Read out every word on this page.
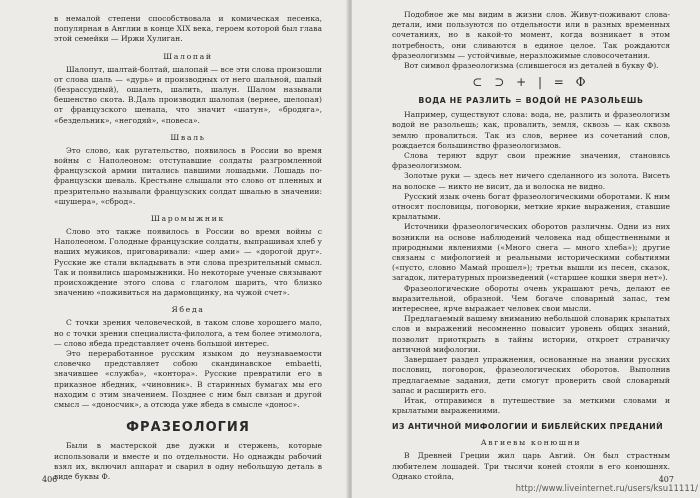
в немалой степени способствовала и комическая песенка, популярная в Англии в конце XIX века, героем которой был глава этой семейки — Иржи Хулиган.

Шалопай

Шалопут, шалтай-болтай, шалопай — все эти слова произошли от слова шаль — «дурь» и производных от него шальной, шалый (безрассудный), ошалеть, шалить, шалун. Шалом называли бешенство скота. В.Даль производил шалопая (вернее, шелопая) от французского шенапа, что значит «шатун», «бродяга», «бездельник», «негодяй», «повеса».

Шваль

Это слово, как ругательство, появилось в России во время войны с Наполеоном: отступавшие солдаты разгромленной французской армии питались павшими лошадьми. Лошадь по-французски шеваль. Крестьяне слышали это слово от пленных и презрительно называли французских солдат швалью в значении: «шушера», «сброд».

Шаромыжник

Слово это также появилось в России во время войны с Наполеоном. Голодные французские солдаты, выпрашивая хлеб у наших мужиков, приговаривали: «шер ами» — «дорогой друг». Русские же стали вкладывать в эти слова презрительный смысл. Так и появились шаромыжники. Но некоторые ученые связывают происхождение этого слова с глаголом шарить, что близко значению «поживиться на дармовщинку, на чужой счет».

Ябеда

С точки зрения человеческой, в таком слове хорошего мало, но с точки зрения специалиста-филолога, а тем более этимолога, — слово ябеда представляет очень большой интерес.

Это переработанное русским языком до неузнаваемости словечко представляет собою скандинавское embaetti, значившее «служба», «контора». Русские превратили его в приказное ябедник, «чиновник». В старинных бумагах мы его находим с этим значением. Позднее с ним был связан и другой смысл — «доносчик», а отсюда уже ябеда в смысле «донос».

ФРАЗЕОЛОГИЯ

Были в мастерской две дужки и стержень, которые использовали и вместе и по отдельности. Но однажды рабочий взял их, включил аппарат и сварил в одну небольшую деталь в виде буквы Ф.

406

Подобное же мы видим в жизни слов. Живут-поживают слова-детали, ими пользуются по отдельности или в разных временных сочетаниях, но в какой-то момент, когда возникает в этом потребность, они сливаются в единое целое. Так рождаются фразеологизмы — устойчивые, неразложимые словосочетания.

Вот символ фразеологизма (слившегося из деталей в букву Ф).

⊂ ⊃ + | = Ф
ВОДА НЕ РАЗЛИТЬ = ВОДОЙ НЕ РАЗОЛЬЕШЬ

Например, существуют слова: вода, не, разлить и фразеологизм водой не разольешь; как, провалить, земля, сквозь — как сквозь землю провалиться. Так из слов, вернее из сочетаний слов, рождается большинство фразеологизмов.

Слова теряют вдруг свои прежние значения, становясь фразеологизмом.

Золотые руки — здесь нет ничего сделанного из золота. Висеть на волоске — никто не висит, да и волоска не видно.

Русский язык очень богат фразеологическими оборотами. К ним относят пословицы, поговорки, меткие яркие выражения, ставшие крылатыми.

Источники фразеологических оборотов различны. Одни из них возникли на основе наблюдений человека над общественными и природными явлениями («Много снега — много хлеба»); другие связаны с мифологией и реальными историческими событиями («пусто, словно Мамай прошел»); третьи вышли из песен, сказок, загадок, литературных произведений («старшее кошки зверя нет»).

Фразеологические обороты очень украшают речь, делают ее выразительной, образной. Чем богаче словарный запас, тем интереснее, ярче выражает человек свои мысли.

Предлагаемый вашему вниманию небольшой словарик крылатых слов и выражений несомненно повысит уровень общих знаний, позволит приоткрыть в тайны истории, откроет страничку античной мифологии.

Завершает раздел упражнения, основанные на знании русских пословиц, поговорок, фразеологических оборотов. Выполнив предлагаемые задания, дети смогут проверить свой словарный запас и расширить его.

Итак, отправимся в путешествие за меткими словами и крылатыми выражениями.

ИЗ АНТИЧНОЙ МИФОЛОГИИ И БИБЛЕЙСКИХ ПРЕДАНИЙ
Авгиевы конюшни

В Древней Греции жил царь Авгий. Он был страстным любителем лошадей. Три тысячи коней стояли в его конюшнях. Однако стойла,	407
http://www.liveinternet.ru/users/ksu11111/
